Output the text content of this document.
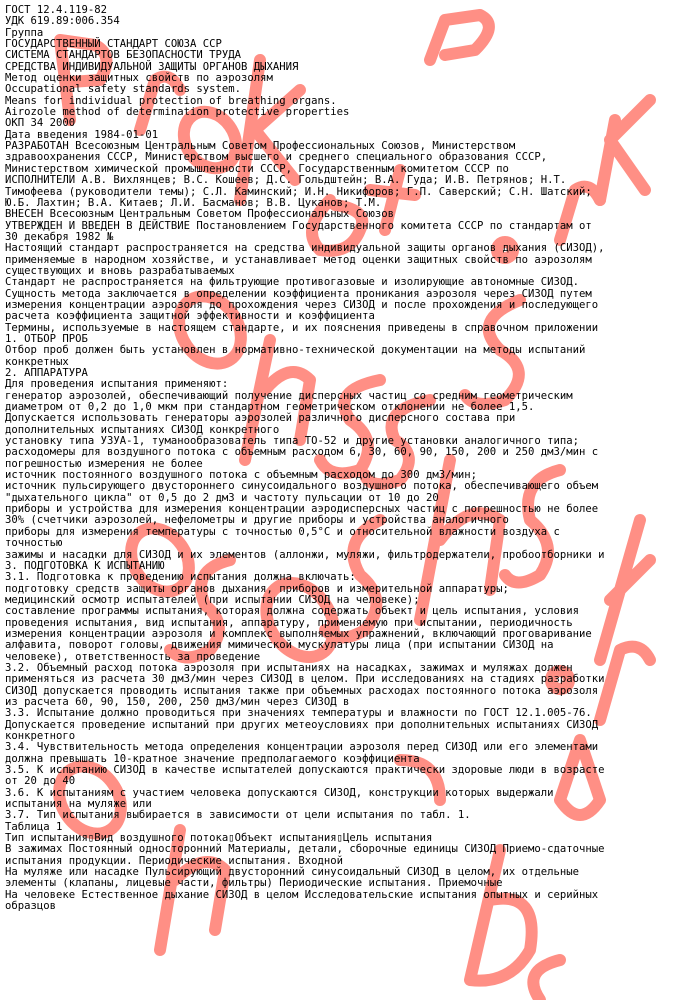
ГОСТ 12.4.119-82
УДК 619.89:006.354
Группа
ГОСУДАРСТВЕННЫЙ СТАНДАРТ СОЮЗА ССР
СИСТЕМА СТАНДАРТОВ БЕЗОПАСНОСТИ ТРУДА
СРЕДСТВА ИНДИВИДУАЛЬНОЙ ЗАЩИТЫ ОРГАНОВ ДЫХАНИЯ
Метод оценки защитных свойств по аэрозолям
Occupational safety standards system.
Means for individual protection of breathing organs.
Airozole method of determination protective properties
ОКП 34 2000
Дата введения 1984-01-01
РАЗРАБОТАН Всесоюзным Центральным Советом Профессиональных Союзов, Министерством
здравоохранения СССР, Министерством высшего и среднего специального образования СССР,
Министерством химической промышленности СССР, Государственным комитетом СССР по
ИСПОЛНИТЕЛИ А.В. Вихлянцев; В.С. Кошеев; Д.С. Гольдштейн; В.А. Гуда; И.В. Петрянов; Н.Т.
Тимофеева (руководители темы); С.Л. Каминский; И.Н. Никифоров; Г.П. Саверский; С.Н. Шатский;
Ю.Б. Лахтин; В.А. Китаев; Л.И. Басманов; В.В. Цуканов; Т.М.
ВНЕСЕН Всесоюзным Центральным Советом Профессиональных Союзов
УТВЕРЖДЕН И ВВЕДЕН В ДЕЙСТВИЕ Постановлением Государственного комитета СССР по стандартам от
30 декабря 1982 №
Настоящий стандарт распространяется на средства индивидуальной защиты органов дыхания (СИЗОД),
применяемые в народном хозяйстве, и устанавливает метод оценки защитных свойств по аэрозолям
существующих и вновь разрабатываемых
Стандарт не распространяется на фильтрующие противогазовые и изолирующие автономные СИЗОД.
Сущность метода заключается в определении коэффициента проникания аэрозоля через СИЗОД путем
измерения концентрации аэрозоля до прохождения через СИЗОД и после прохождения и последующего
расчета коэффициента защитной эффективности и коэффициента
Термины, используемые в настоящем стандарте, и их пояснения приведены в справочном приложении
1. ОТБОР ПРОБ
Отбор проб должен быть установлен в нормативно-технической документации на методы испытаний
конкретных
2. АППАРАТУРА
Для проведения испытания применяют:
генератор аэрозолей, обеспечивающий получение дисперсных частиц со средним геометрическим
диаметром от 0,2 до 1,0 мкм при стандартном геометрическом отклонении не более 1,5.
Допускается использовать генераторы аэрозолей различного дисперсного состава при
дополнительных испытаниях СИЗОД конкретного
установку типа УЗУА-1, туманообразователь типа ТО-52 и другие установки аналогичного типа;
расходомеры для воздушного потока с объемным расходом 6, 30, 60, 90, 150, 200 и 250 дм3/мин с
погрешностью измерения не более
источник постоянного воздушного потока с объемным расходом до 300 дм3/мин;
источник пульсирующего двустороннего синусоидального воздушного потока, обеспечивающего объем
"дыхательного цикла" от 0,5 до 2 дм3 и частоту пульсации от 10 до 20
приборы и устройства для измерения концентрации аэродисперсных частиц с погрешностью не более
30% (счетчики аэрозолей, нефелометры и другие приборы и устройства аналогичного
приборы для измерения температуры с точностью 0,5°C и относительной влажности воздуха с
точностью
зажимы и насадки для СИЗОД и их элементов (аллонжи, муляжи, фильтродержатели, пробоотборники и
3. ПОДГОТОВКА К ИСПЫТАНИЮ
3.1. Подготовка к проведению испытания должна включать:
подготовку средств защиты органов дыхания, приборов и измерительной аппаратуры;
медицинский осмотр испытателей (при испытании СИЗОД на человеке);
составление программы испытания, которая должна содержать объект и цель испытания, условия
проведения испытания, вид испытания, аппаратуру, применяемую при испытании, периодичность
измерения концентрации аэрозоля и комплекс выполняемых упражнений, включающий проговаривание
алфавита, поворот головы, движения мимической мускулатуры лица (при испытании СИЗОД на
человеке), ответственность за проведение
3.2. Объемный расход потока аэрозоля при испытаниях на насадках, зажимах и муляжах должен
применяться из расчета 30 дм3/мин через СИЗОД в целом. При исследованиях на стадиях разработки
СИЗОД допускается проводить испытания также при объемных расходах постоянного потока аэрозоля
из расчета 60, 90, 150, 200, 250 дм3/мин через СИЗОД в
3.3. Испытание должно проводиться при значениях температуры и влажности по ГОСТ 12.1.005-76.
Допускается проведение испытаний при других метеоусловиях при дополнительных испытаниях СИЗОД
конкретного
3.4. Чувствительность метода определения концентрации аэрозоля перед СИЗОД или его элементами
должна превышать 10-кратное значение предполагаемого коэффициента
3.5. К испытанию СИЗОД в качестве испытателей допускаются практически здоровые люди в возрасте
от 20 до 40
3.6. К испытаниям с участием человека допускаются СИЗОД, конструкции которых выдержали
испытания на муляже или
3.7. Тип испытания выбирается в зависимости от цели испытания по табл. 1.
Таблица 1
Тип испытания▯Вид воздушного потока▯Объект испытания▯Цель испытания
В зажимах Постоянный односторонний Материалы, детали, сборочные единицы СИЗОД Приемо-сдаточные
испытания продукции. Периодические испытания. Входной
На муляже или насадке Пульсирующий двусторонний синусоидальный СИЗОД в целом, их отдельные
элементы (клапаны, лицевые части, фильтры) Периодические испытания. Приемочные
На человеке Естественное дыхание СИЗОД в целом Исследовательские испытания опытных и серийных
образцов
